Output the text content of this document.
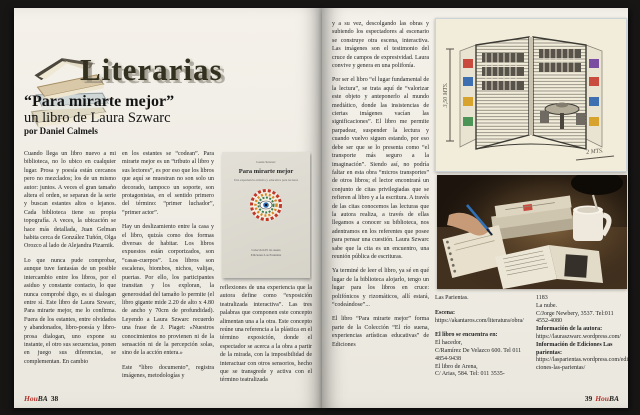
Literarias
“Para mirarte mejor”
un libro de Laura Szwarc
por Daniel Calmels

Cuando llega un libro nuevo a mi biblioteca, no lo ubico en cualquier lugar. Prosa y poesía están cercanos pero no mezclados; los de un mismo autor: juntos. A veces el gran tamaño altera el orden, se separan de la serie y buscan estantes altos o lejanos. Cada biblioteca tiene su propia topografía. A veces, la ubicación se hace más detallada, Juan Gelman habita cerca de González Tuñón, Olga Orozco al lado de Alejandra Pizarnik.

Lo que nunca pude comprobar, aunque tuve fantasías de un posible intercambio entre los libros, por el asiduo y constante contacto, lo que nunca comprobé digo, es si dialogan entre sí. Este libro de Laura Szwarc, Para mirarte mejor, me lo confirma. Fuera de los estantes, entre olvidados y abandonados, libro-poesía y libro-prosa dialogan, uno expone su instante, el otro sus secuencias, ponen en juego sus diferencias, se complementan. En cambio

en los estantes se “codean”. Para mirarte mejor es un “tributo al libro y sus lectores”, es por eso que los libros que aquí se muestran no son solo un decorado, tampoco un soporte, son protagonistas, en el sentido primero del término: “primer luchador”, “primer actor”.

Hay un deslizamiento entre la casa y el libro, quizás como dos formas diversas de habitar. Los libros expuestos están corporizados, son “casas-cuerpos”. Los libros son escaleras, biombos, nichos, valijas, puertas. Por ello, los participantes transitan y los exploran, la generosidad del tamaño lo permite (el libro gigante mide 2.20 de alto x 4.80 de ancho y 70cm de profundidad). Leyendo a Laura Szwarc recuerdo una frase de J. Piaget: «Nuestros conocimientos no provienen ni de la sensación ni de la percepción solas, sino de la acción entera.»

Este “libro documento”, registra imágenes, metodologías y

Laura Szwarc
Para mirarte mejor
Una experiencia artística y educativa para lectores
Colección El río suena
Ediciones Las Parientas

reflexiones de una experiencia que la autora define como “exposición teatralizada interactiva”. Las tres palabras que componen este concepto alimentan una a la otra. Este concepto reúne una referencia a la plástica en el término exposición, donde el espectador se acerca a la obra a partir de la mirada, con la imposibilidad de interactuar con otros sensorios, hecho que se transgrede y activa con el término teatralizada

HouBA 38

y a su vez, descolgando las obras y subiendo los espectadores al escenario se construye otra escena, interactiva. Las imágenes son el testimonio del cruce de campos de expresividad. Laura convive y genera en una polifonía.

Por ser el libro “el lugar fundamental de la lectura”, se trata aquí de “valorizar este objeto y anteponerlo al mundo mediático, donde las insistencias de ciertas imágenes vacían las significaciones”. El libro me permite parpadear, suspender la lectura y cuando vuelvo siguen estando, por eso debe ser que se lo presenta como “el transporte más seguro a la imaginación”. Siendo así, no podría faltar en esta obra “micros transportes” de otros libros; el lector encontrará un conjunto de citas privilegiadas que se refieren al libro y a la escritura. A través de las citas conocemos las lecturas que la autora realiza, a través de ellas llegamos a conocer su biblioteca, nos adentramos en los referentes que posee para pensar una cuestión. Laura Szwarc sabe que la cita es un encuentro, una reunión pública de escrituras.

Ya terminé de leer el libro, ya sé en qué lugar de la biblioteca alojarlo, tengo un lugar para los libros en cruce: polifónicos y rizomáticos, allí estará, “codeándose”...

El libro “Para mirarte mejor” forma parte de la Colección “El río suena, experiencias artísticas educativas” de Ediciones

3,50 MTS.
2 MTS.
Las Parientas.
Escena:
https://akantaros.com/literatura/obra/
El libro se encuentra en:
El hacedor,
C/Ramírez De Velazco 600. Tel 011 4854-9438
El libro de Arena,
C/ Arias, 584. Tel: 011 3535-
1183
La nube.
C/Jorge Newbery, 3537. Tel:011 4552-4080
Información de la autora:
https://lauraszwarc.wordpress.com/
Información de Ediciones Las parientas:
https://lasparientas.wordpress.com/ediciones-las-parientas/
39 HouBA
